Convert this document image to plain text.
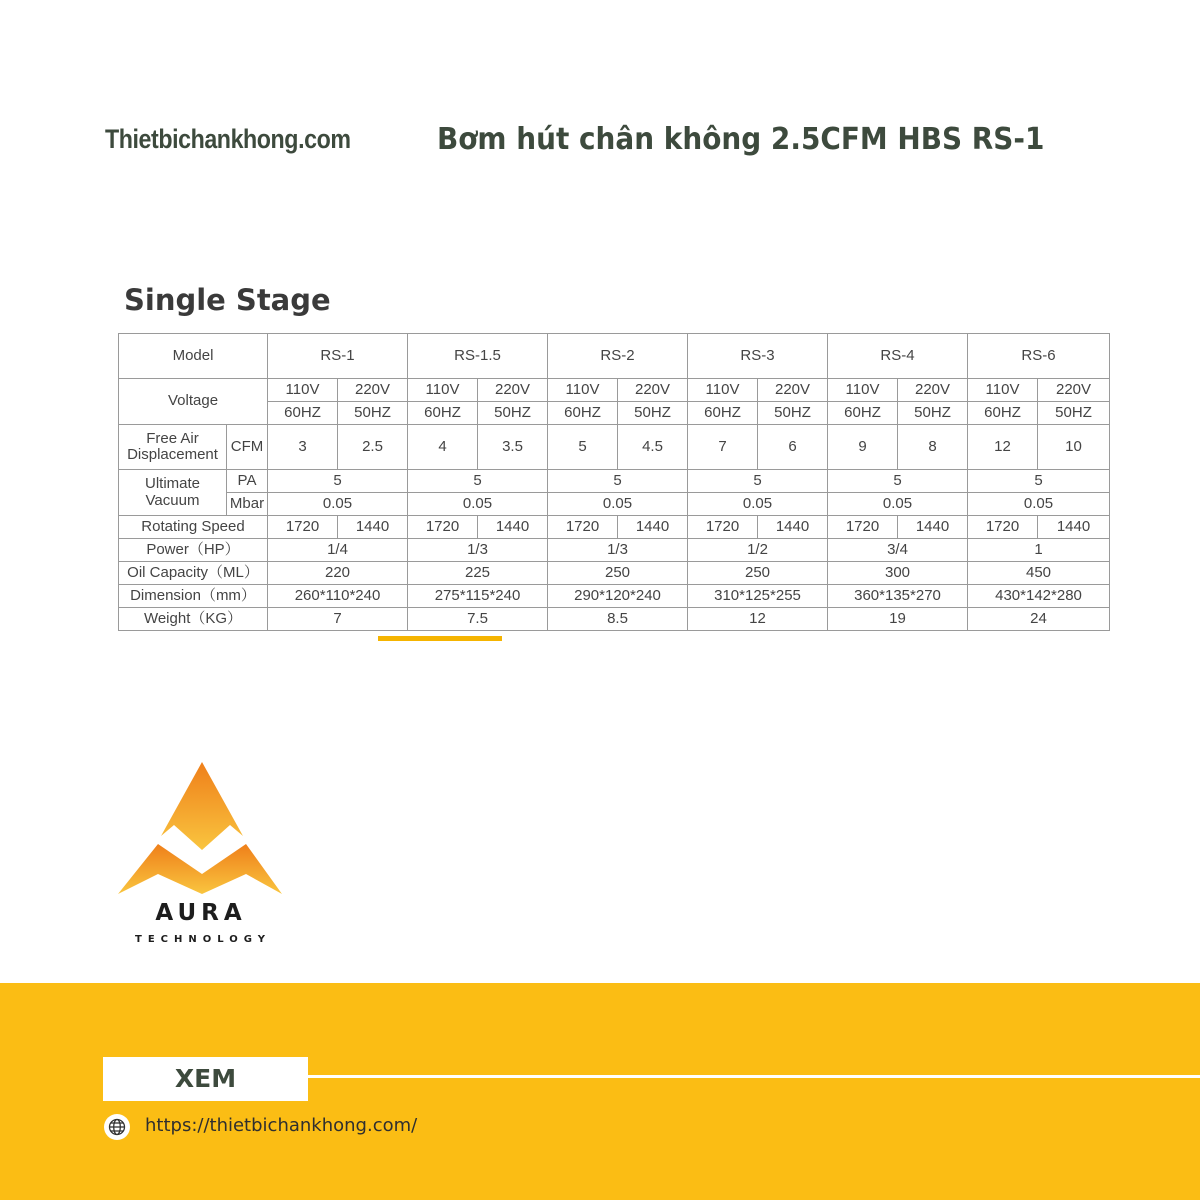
Thietbichankhong.com	Bơm hút chân không 2.5CFM HBS RS-1
Single Stage
Model		RS-1		RS-1.5		RS-2		RS-3		RS-4		RS-6	
Voltage		110V	220V	110V	220V	110V	220V	110V	220V	110V	220V	110V	220V
		60HZ	50HZ	60HZ	50HZ	60HZ	50HZ	60HZ	50HZ	60HZ	50HZ	60HZ	50HZ

Free Air
Displacement	CFM	3	2.5	4	3.5	5	4.5	7	6	9	8	12	10

Ultimate
Vacuum	PA	5		5		5		5		5		5	
	Mbar	0.05		0.05		0.05		0.05		0.05		0.05	
Rotating Speed		1720	1440	1720	1440	1720	1440	1720	1440	1720	1440	1720	1440
Power（HP）		1/4		1/3		1/3		1/2		3/4		1	
Oil Capacity（ML）		220		225		250		250		300		450	
Dimension（mm）		260*110*240		275*115*240		290*120*240		310*125*255		360*135*270		430*142*280	
Weight（KG）		7		7.5		8.5		12		19		24	
AURA
TECHNOLOGY
XEM
https://thietbichankhong.com/
